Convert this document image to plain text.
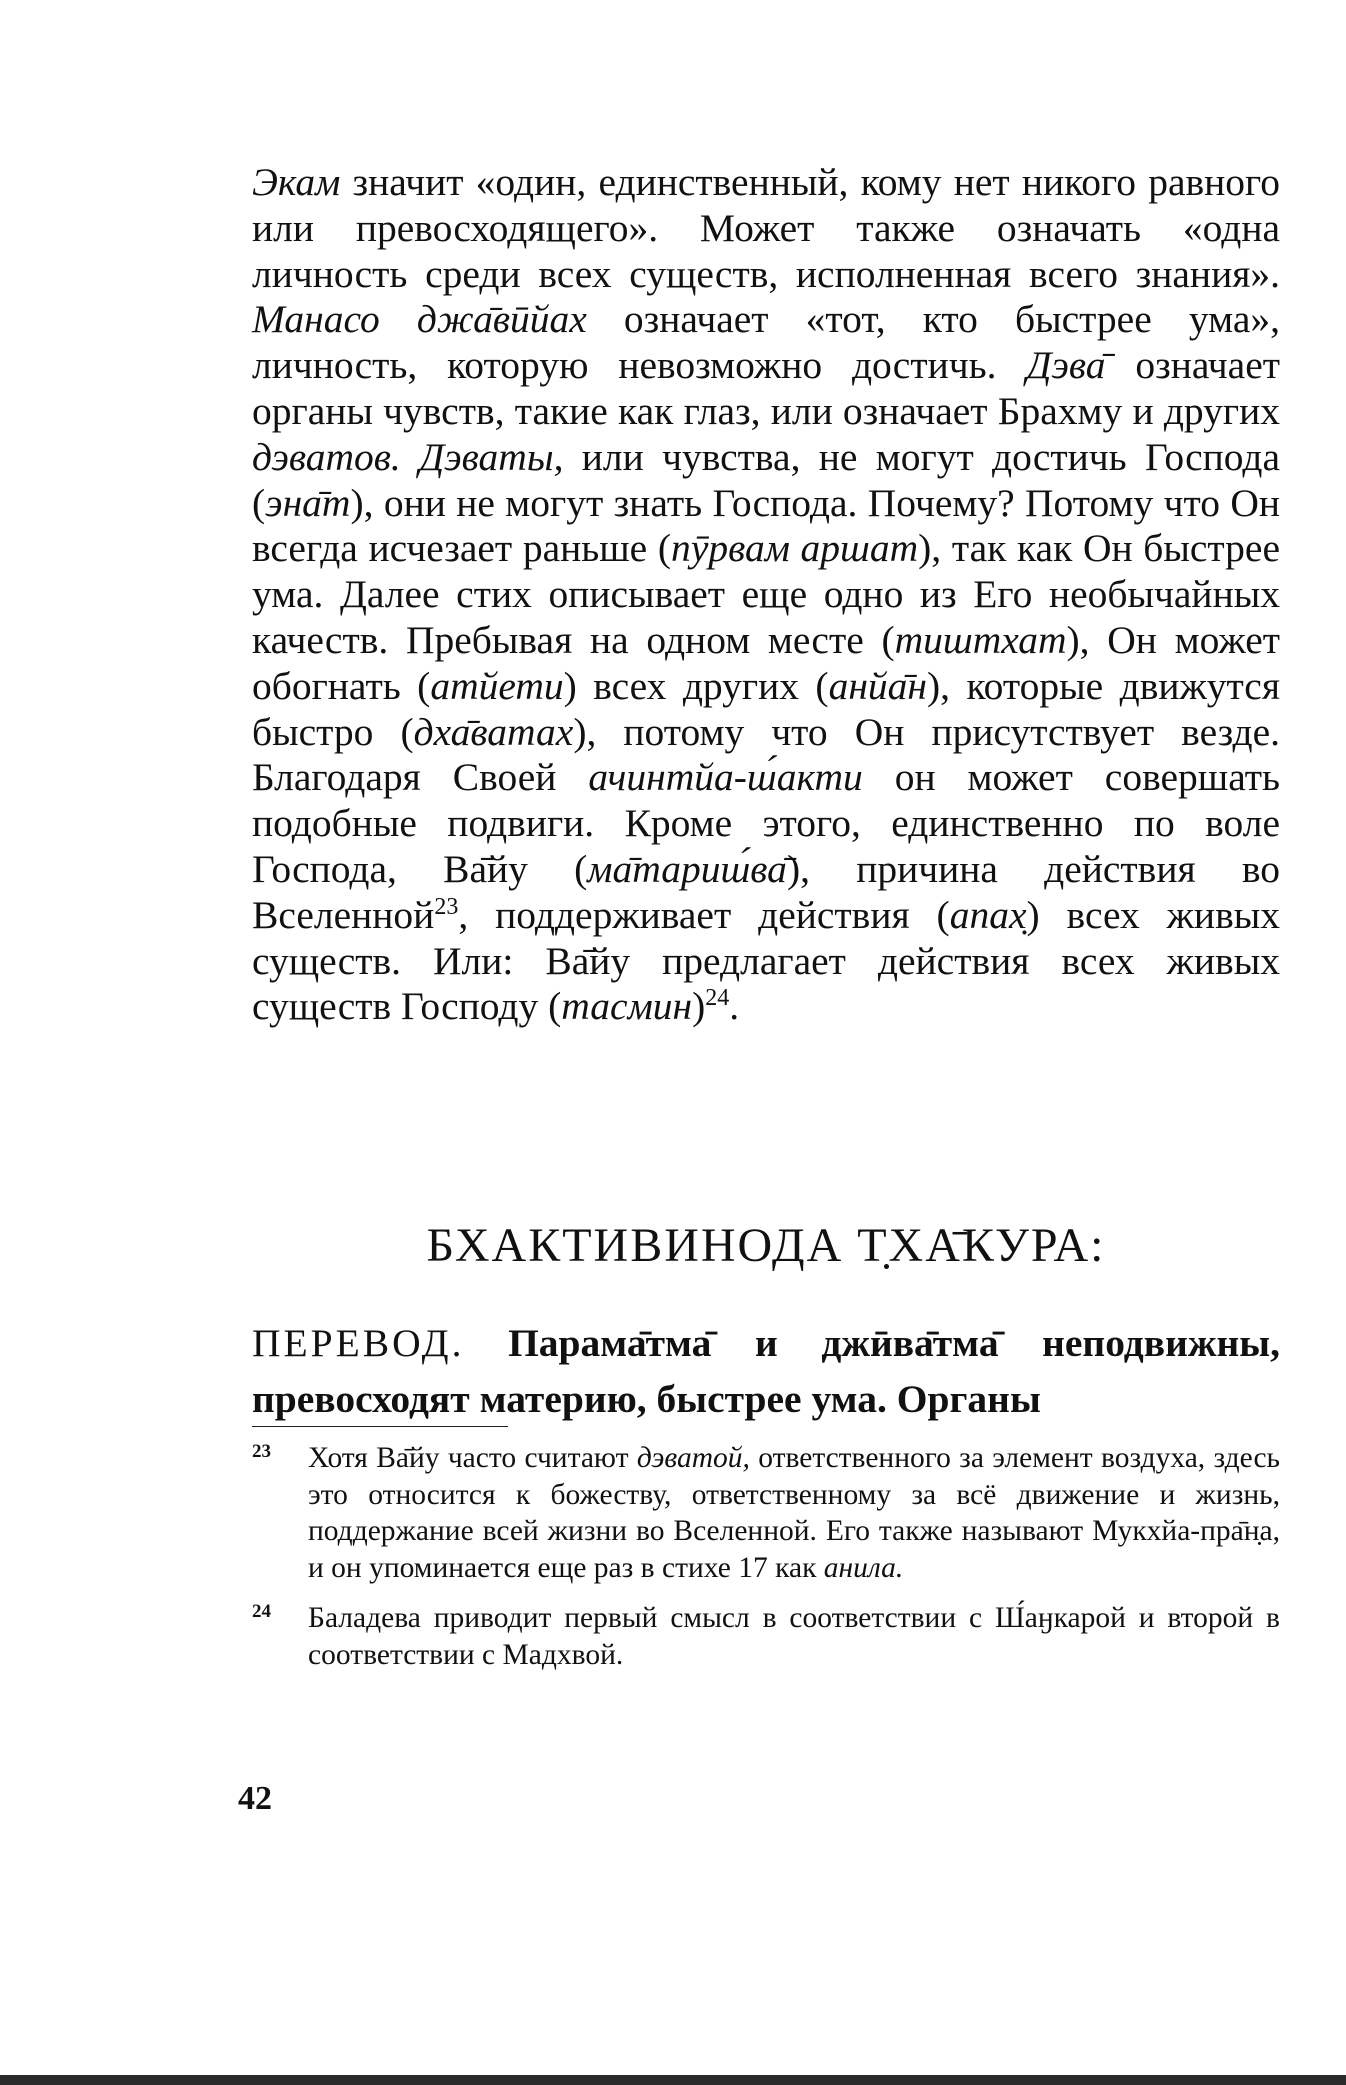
Экам значит «один, единственный, кому нет никого равного или превосходящего». Может также означать «одна личность среди всех существ, исполненная всего знания». Манасо джа̄вӣйах означает «тот, кто быстрее ума», личность, которую невозможно достичь. Дэва̄ означает органы чувств, такие как глаз, или означает Брахму и других дэватов. Дэваты, или чувства, не могут достичь Господа (эна̄т), они не могут знать Господа. Почему? Потому что Он всегда исчезает раньше (пӯрвам аршат), так как Он быстрее ума. Далее стих описывает еще одно из Его необычайных качеств. Пребывая на одном месте (тиштхат), Он может обогнать (атйети) всех других (анйа̄н), которые движутся быстро (дха̄ватах), потому что Он присутствует везде. Благодаря Своей ачинтйа-ш́акти он может совершать подобные подвиги. Кроме этого, единственно по воле Господа, Ва̄йу (ма̄тариш́ва̄), причина действия во Вселенной$^{23}$, поддерживает действия (апах̣) всех живых существ. Или: Ва̄йу предлагает действия всех живых существ Господу (тасмин)$^{24}$.

БХАКТИВИНОДА Т̣ХА̄КУРА:
ПЕРЕВОД. Парама̄тма̄ и джӣва̄тма̄ неподвижны, превосходят материю, быстрее ума. Органы
23 Хотя Ва̄йу часто считают дэватой, ответственного за элемент воздуха, здесь это относится к божеству, ответственному за всё движение и жизнь, поддержание всей жизни во Вселенной. Его также называют Мукхйа-пра̄н̣а, и он упоминается еще раз в стихе 17 как анила.
24 Баладева приводит первый смысл в соответствии с Ш́аӈкарой и второй в соответствии с Мадхвой.
42
